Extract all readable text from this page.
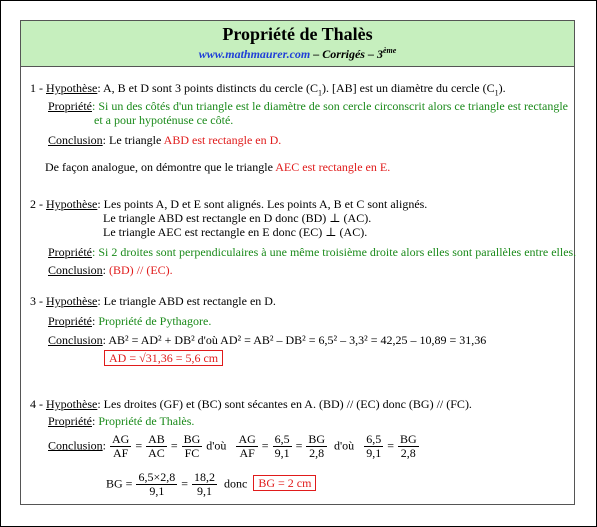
Propriété de Thalès
www.mathmaurer.com – Corrigés – 3ème
1 - Hypothèse: A, B et D sont 3 points distincts du cercle $(C_1)$. [AB] est un diamètre du cercle $(C_1)$.
Propriété: Si un des côtés d'un triangle est le diamètre de son cercle circonscrit alors ce triangle est rectangle
et a pour hypoténuse ce côté.
Conclusion: Le triangle ABD est rectangle en D.
De façon analogue, on démontre que le triangle AEC est rectangle en E.
2 - Hypothèse: Les points A, D et E sont alignés. Les points A, B et C sont alignés.
Le triangle ABD est rectangle en D donc (BD) ⊥ (AC).
Le triangle AEC est rectangle en E donc (EC) ⊥ (AC).
Propriété: Si 2 droites sont perpendiculaires à une même troisième droite alors elles sont parallèles entre elles.
Conclusion: (BD) // (EC).
3 - Hypothèse: Le triangle ABD est rectangle en D.
Propriété: Propriété de Pythagore.
Conclusion: AB² = AD² + DB² d'où AD² = AB² – DB² = 6,5² – 3,3² = 42,25 – 10,89 = 31,36
AD = √31,36 = 5,6 cm
4 - Hypothèse: Les droites (GF) et (BC) sont sécantes en A. (BD) // (EC) donc (BG) // (FC).
Propriété: Propriété de Thalès.
Conclusion: $\frac{AG}{AF} = \frac{AB}{AC} = \frac{BG}{FC}$ d'où $\frac{AG}{AF} = \frac{6,5}{9,1} = \frac{BG}{2,8}$ d'où $\frac{6,5}{9,1} = \frac{BG}{2,8}$
BG = $\frac{6,5\times 2,8}{9,1} = \frac{18,2}{9,1}$ donc BG = 2 cm
